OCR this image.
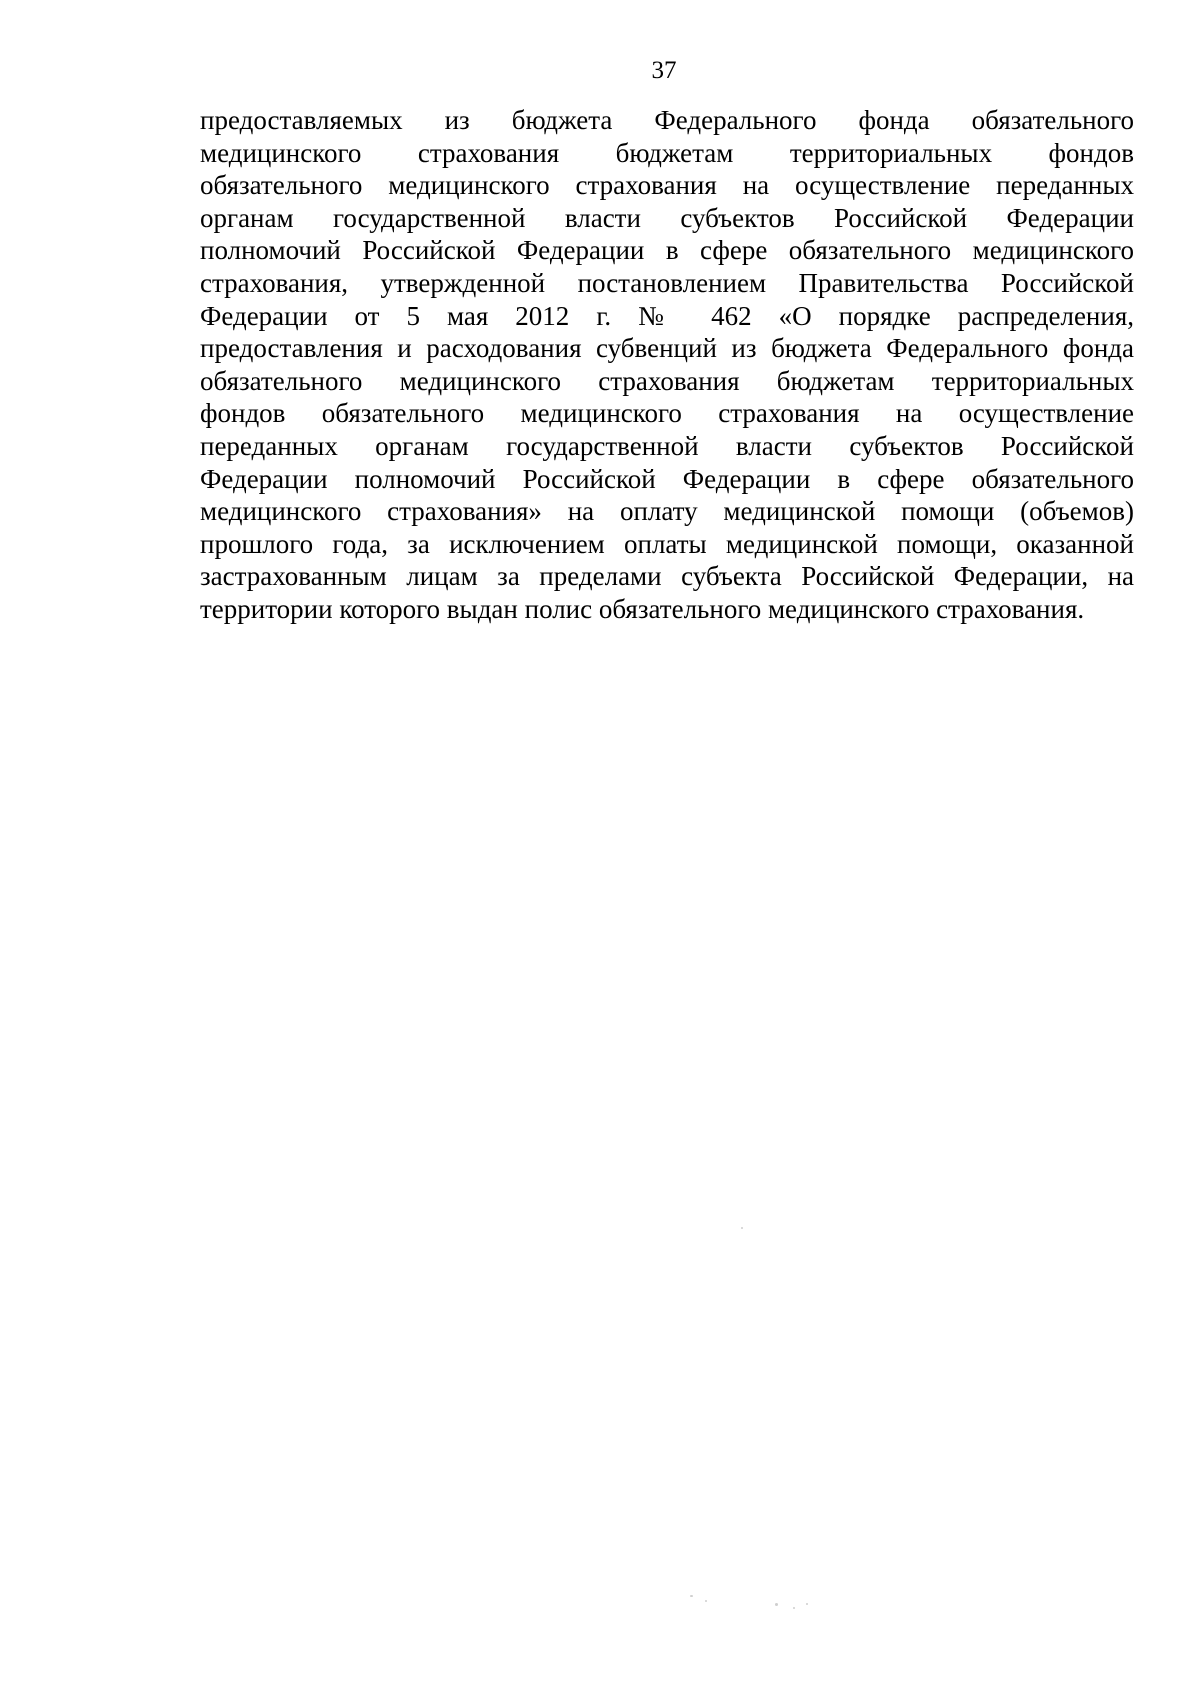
37
предоставляемых из бюджета Федерального фонда обязательного
медицинского страхования бюджетам территориальных фондов
обязательного медицинского страхования на осуществление переданных
органам государственной власти субъектов Российской Федерации
полномочий Российской Федерации в сфере обязательного медицинского
страхования, утвержденной постановлением Правительства Российской
Федерации от 5 мая 2012 г. № 462 «О порядке распределения,
предоставления и расходования субвенций из бюджета Федерального фонда
обязательного медицинского страхования бюджетам территориальных
фондов обязательного медицинского страхования на осуществление
переданных органам государственной власти субъектов Российской
Федерации полномочий Российской Федерации в сфере обязательного
медицинского страхования» на оплату медицинской помощи (объемов)
прошлого года, за исключением оплаты медицинской помощи, оказанной
застрахованным лицам за пределами субъекта Российской Федерации, на
территории которого выдан полис обязательного медицинского страхования.
